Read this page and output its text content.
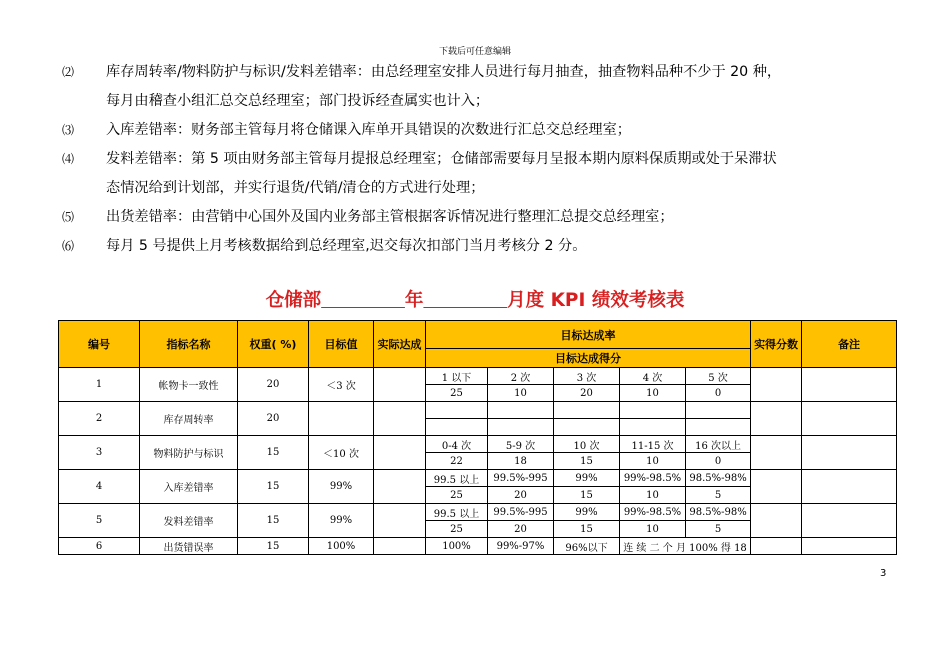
下载后可任意编辑
⑵	库存周转率/物料防护与标识/发料差错率：由总经理室安排人员进行每月抽查，抽查物料品种不少于 20 种，
每月由稽查小组汇总交总经理室；部门投诉经查属实也计入；
⑶	入库差错率：财务部主管每月将仓储课入库单开具错误的次数进行汇总交总经理室；
⑷	发料差错率：第 5 项由财务部主管每月提报总经理室；仓储部需要每月呈报本期内原料保质期或处于呆滞状
态情况给到计划部，并实行退货/代销/清仓的方式进行处理；
⑸	出货差错率：由营销中心国外及国内业务部主管根据客诉情况进行整理汇总提交总经理室；
⑹	每月 5 号提供上月考核数据给到总经理室,迟交每次扣部门当月考核分 2 分。
仓储部	年	月度 KPI 绩效考核表
编号	指标名称	权重( %)	目标值	实际达成	目标达成率					实得分数	备注
					目标达成得分						
1	帐物卡一致性	20	＜3 次		1 以下	2 次	3 次	4 次	5 次		
					25	10	20	10	0		
2	库存周转率	20									

3	物料防护与标识	15	＜10 次		0-4 次	5-9 次	10 次	11-15 次	16 次以上		
					22	18	15	10	0		
4	入库差错率	15	99%		99.5 以上	99.5%-995	99%	99%-98.5%	98.5%-98%		
					25	20	15	10	5		
5	发料差错率	15	99%		99.5 以上	99.5%-995	99%	99%-98.5%	98.5%-98%		
					25	20	15	10	5		
6	出货错误率	15	100%		100%	99%-97%	96%以下	连 续 二 个 月 100% 得 18			
3
